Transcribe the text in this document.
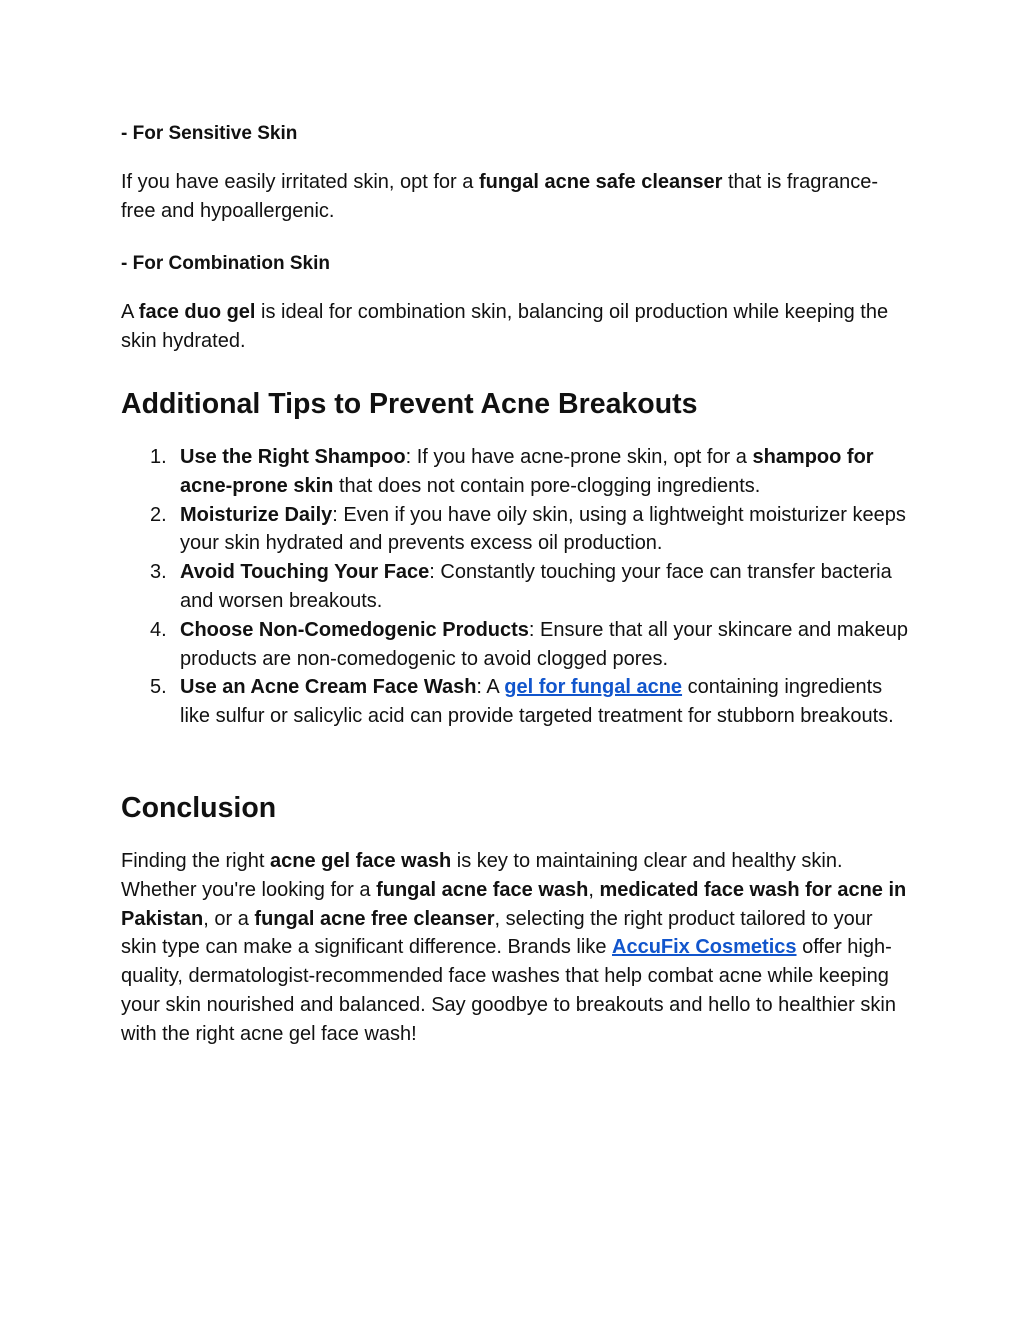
- For Sensitive Skin

If you have easily irritated skin, opt for a fungal acne safe cleanser that is fragrance-free and hypoallergenic.

- For Combination Skin

A face duo gel is ideal for combination skin, balancing oil production while keeping the skin hydrated.

Additional Tips to Prevent Acne Breakouts
1. Use the Right Shampoo: If you have acne-prone skin, opt for a shampoo for acne-prone skin that does not contain pore-clogging ingredients.
2. Moisturize Daily: Even if you have oily skin, using a lightweight moisturizer keeps your skin hydrated and prevents excess oil production.
3. Avoid Touching Your Face: Constantly touching your face can transfer bacteria and worsen breakouts.
4. Choose Non-Comedogenic Products: Ensure that all your skincare and makeup products are non-comedogenic to avoid clogged pores.
5. Use an Acne Cream Face Wash: A gel for fungal acne containing ingredients like sulfur or salicylic acid can provide targeted treatment for stubborn breakouts.
Conclusion

Finding the right acne gel face wash is key to maintaining clear and healthy skin. Whether you're looking for a fungal acne face wash, medicated face wash for acne in Pakistan, or a fungal acne free cleanser, selecting the right product tailored to your skin type can make a significant difference. Brands like AccuFix Cosmetics offer high-quality, dermatologist-recommended face washes that help combat acne while keeping your skin nourished and balanced. Say goodbye to breakouts and hello to healthier skin with the right acne gel face wash!
